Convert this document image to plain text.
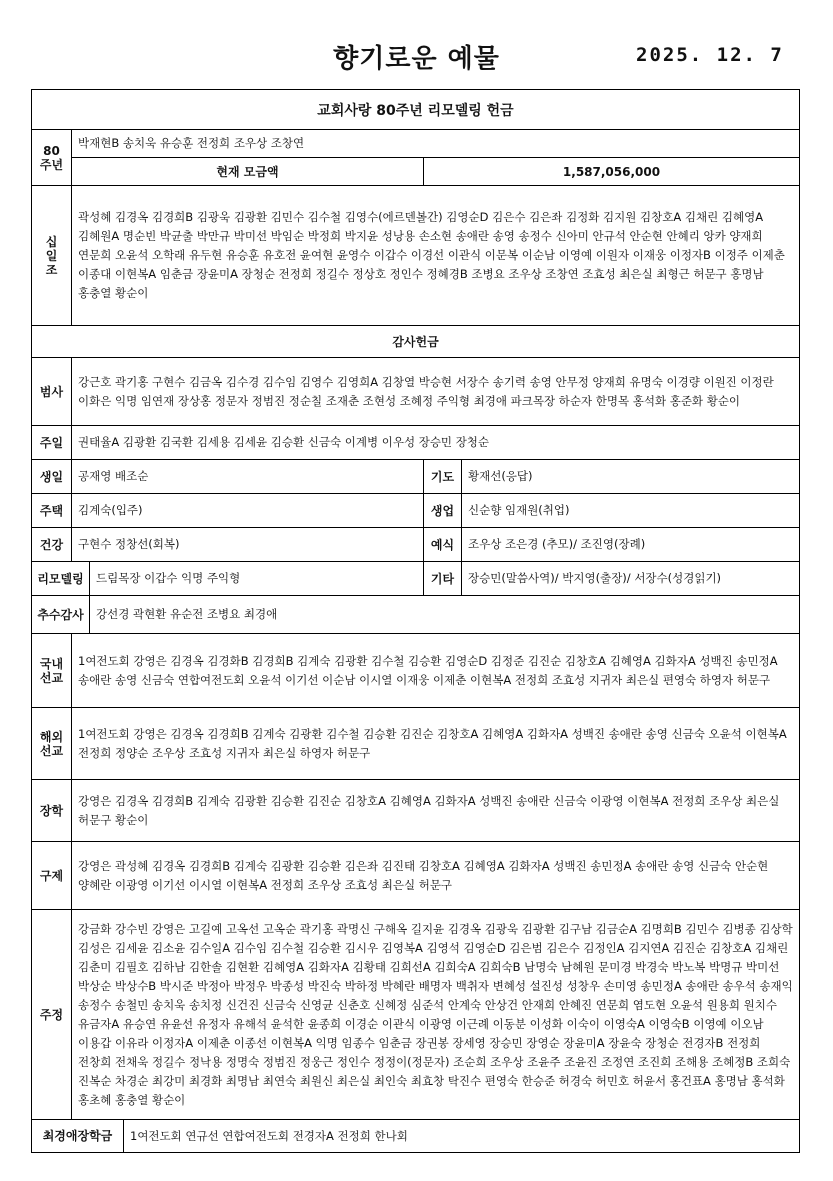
향기로운 예물	2025. 12. 7
교회사랑 80주년 리모델링 헌금
80
주년
박재현B 송치욱 유승훈 전정희 조우상 조창연
현재 모금액	1,587,056,000
십
일
조
곽성혜 김경옥 김경희B 김광욱 김광환 김민수 김수철 김영수(에르덴볼간) 김영순D 김은수 김은좌 김정화 김지원 김창호A 김채린 김혜영A 김혜원A 명순빈 박균출 박만규 박미선 박임순 박정희 박지윤 성낭용 손소현 송애란 송영 송정수 신아미 안규석 안순현 안혜리 앙카 양재희 연문희 오윤석 오학래 유두현 유승훈 유호전 윤여현 윤영수 이갑수 이경선 이관식 이문복 이순남 이영예 이원자 이재웅 이정자B 이정주 이제춘 이종대 이현복A 임춘금 장윤미A 장청순 전정희 정길수 정상호 정인수 정혜경B 조병요 조우상 조창연 조효성 최은실 최형근 허문구 홍명남 홍충열 황순이
감사헌금
범사
강근호 곽기홍 구현수 김금옥 김수경 김수임 김영수 김영희A 김창열 박승현 서장수 송기력 송영 안무정 양재희 유명숙 이경량 이원진 이정란 이화은 익명 임연재 장상홍 정문자 정범진 정순칠 조재춘 조현성 조혜정 주익형 최경애 파크목장 하순자 한명목 홍석화 홍준화 황순이
주일	권태율A 김광환 김국환 김세용 김세윤 김승환 신금숙 이계병 이우성 장승민 장청순
생일	공재영 배조순	기도	황재선(응답)
주택	김계숙(입주)	생업	신순향 임재원(취업)
건강	구현수 정창선(회복)	예식	조우상 조은경 (추모)/ 조진영(장례)
리모델링	드림목장 이갑수 익명 주익형	기타	장승민(말씀사역)/ 박지영(출장)/ 서장수(성경읽기)
추수감사	강선경 곽현환 유순전 조병요 최경애
국내
선교
1여전도회 강영은 김경옥 김경화B 김경희B 김계숙 김광환 김수철 김승환 김영순D 김정준 김진순 김창호A 김혜영A 김화자A 성백진 송민정A 송애란 송영 신금숙 연합여전도회 오윤석 이기선 이순남 이시열 이재웅 이제춘 이현복A 전정희 조효성 지귀자 최은실 편영숙 하영자 허문구
해외
선교
1여전도회 강영은 김경옥 김경희B 김계숙 김광환 김수철 김승환 김진순 김창호A 김혜영A 김화자A 성백진 송애란 송영 신금숙 오윤석 이현복A 전정희 정양순 조우상 조효성 지귀자 최은실 하영자 허문구
장학
강영은 김경옥 김경희B 김계숙 김광환 김승환 김진순 김창호A 김혜영A 김화자A 성백진 송애란 신금숙 이광영 이현복A 전정희 조우상 최은실 허문구 황순이
구제
강영은 곽성혜 김경옥 김경희B 김계숙 김광환 김승환 김은좌 김진태 김창호A 김혜영A 김화자A 성백진 송민정A 송애란 송영 신금숙 안순현 양혜란 이광영 이기선 이시열 이현복A 전정희 조우상 조효성 최은실 허문구
주정
강금화 강수빈 강영은 고길예 고옥선 고옥순 곽기홍 곽명신 구해옥 길지윤 김경옥 김광욱 김광환 김구남 김금순A 김명희B 김민수 김병종 김상학 김성은 김세윤 김소윤 김수일A 김수임 김수철 김승환 김시우 김영복A 김영석 김영순D 김은범 김은수 김정인A 김지연A 김진순 김창호A 김채린 김춘미 김필호 김하남 김한솔 김현환 김혜영A 김화자A 김황태 김희선A 김희숙A 김희숙B 남명숙 남혜원 문미경 박경숙 박노복 박명규 박미선 박상순 박상수B 박시준 박정아 박정우 박종성 박진숙 박하정 박혜란 배명자 백취자 변혜성 설진성 성창우 손미영 송민정A 송애란 송우석 송재익 송정수 송철민 송치욱 송치정 신건진 신금숙 신영균 신춘호 신혜정 심준석 안계숙 안상건 안재희 안혜진 연문희 염도현 오윤석 원용희 원치수 유금자A 유승연 유윤선 유정자 유해석 윤석한 윤종희 이경순 이관식 이광영 이근례 이동분 이성화 이숙이 이영숙A 이영숙B 이영예 이오남 이용갑 이유라 이정자A 이제춘 이종선 이현복A 익명 임종수 임춘금 장권봉 장세영 장승민 장영순 장윤미A 장윤숙 장청순 전경자B 전정희 전창희 전채욱 정길수 정낙용 정명숙 정범진 정웅근 정인수 정정이(정문자) 조순희 조우상 조윤주 조윤진 조정연 조진희 조해용 조혜정B 조희숙 진복순 차경순 최강미 최경화 최명남 최연숙 최원신 최은실 최인숙 최효창 탁진수 편영숙 한승준 허경숙 허민호 허윤서 홍건표A 홍명남 홍석화 홍초혜 홍충열 황순이
최경애장학금	1여전도회 연규선 연합여전도회 전경자A 전정희 한나회
